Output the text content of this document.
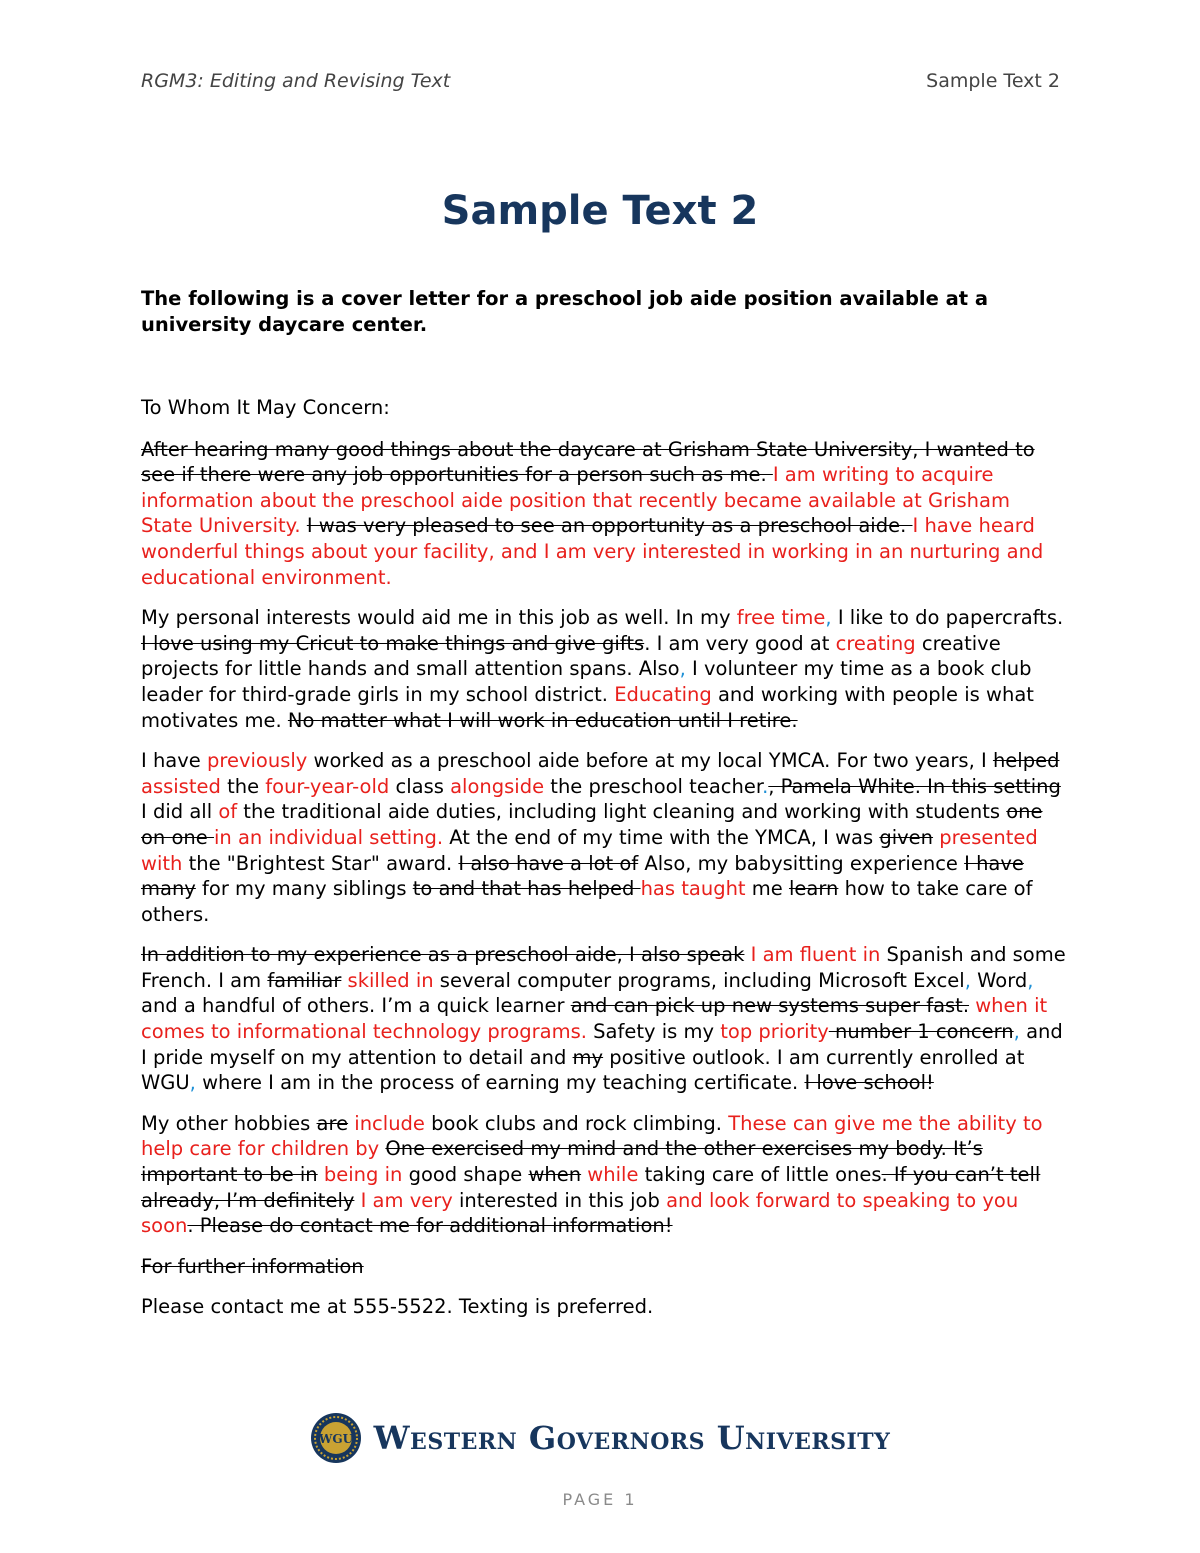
RGM3: Editing and Revising Text	Sample Text 2
Sample Text 2
The following is a cover letter for a preschool job aide position available at a university daycare center.

To Whom It May Concern:

After hearing many good things about the daycare at Grisham State University, I wanted to see if there were any job opportunities for a person such as me. I am writing to acquire information about the preschool aide position that recently became available at Grisham State University. I was very pleased to see an opportunity as a preschool aide. I have heard wonderful things about your facility, and I am very interested in working in an nurturing and educational environment.

My personal interests would aid me in this job as well. In my free time, I like to do papercrafts. I love using my Cricut to make things and give gifts. I am very good at creating creative projects for little hands and small attention spans. Also, I volunteer my time as a book club leader for third-grade girls in my school district. Educating and working with people is what motivates me. No matter what I will work in education until I retire.

I have previously worked as a preschool aide before at my local YMCA. For two years, I helped assisted the four-year-old class alongside the preschool teacher., Pamela White. In this setting I did all of the traditional aide duties, including light cleaning and working with students one on one in an individual setting. At the end of my time with the YMCA, I was given presented with the "Brightest Star" award. I also have a lot of Also, my babysitting experience I have many for my many siblings to and that has helped has taught me learn how to take care of others.

In addition to my experience as a preschool aide, I also speak I am fluent in Spanish and some French. I am familiar skilled in several computer programs, including Microsoft Excel, Word, and a handful of others. I’m a quick learner and can pick up new systems super fast. when it comes to informational technology programs. Safety is my top priority number 1 concern, and I pride myself on my attention to detail and my positive outlook. I am currently enrolled at WGU, where I am in the process of earning my teaching certificate. I love school!

My other hobbies are include book clubs and rock climbing. These can give me the ability to help care for children by One exercised my mind and the other exercises my body. It’s important to be in being in good shape when while taking care of little ones. If you can’t tell already, I’m definitely I am very interested in this job and look forward to speaking to you soon. Please do contact me for additional information!

For further information

Please contact me at 555-5522. Texting is preferred.

WGU Western Governors University
PAGE 1
